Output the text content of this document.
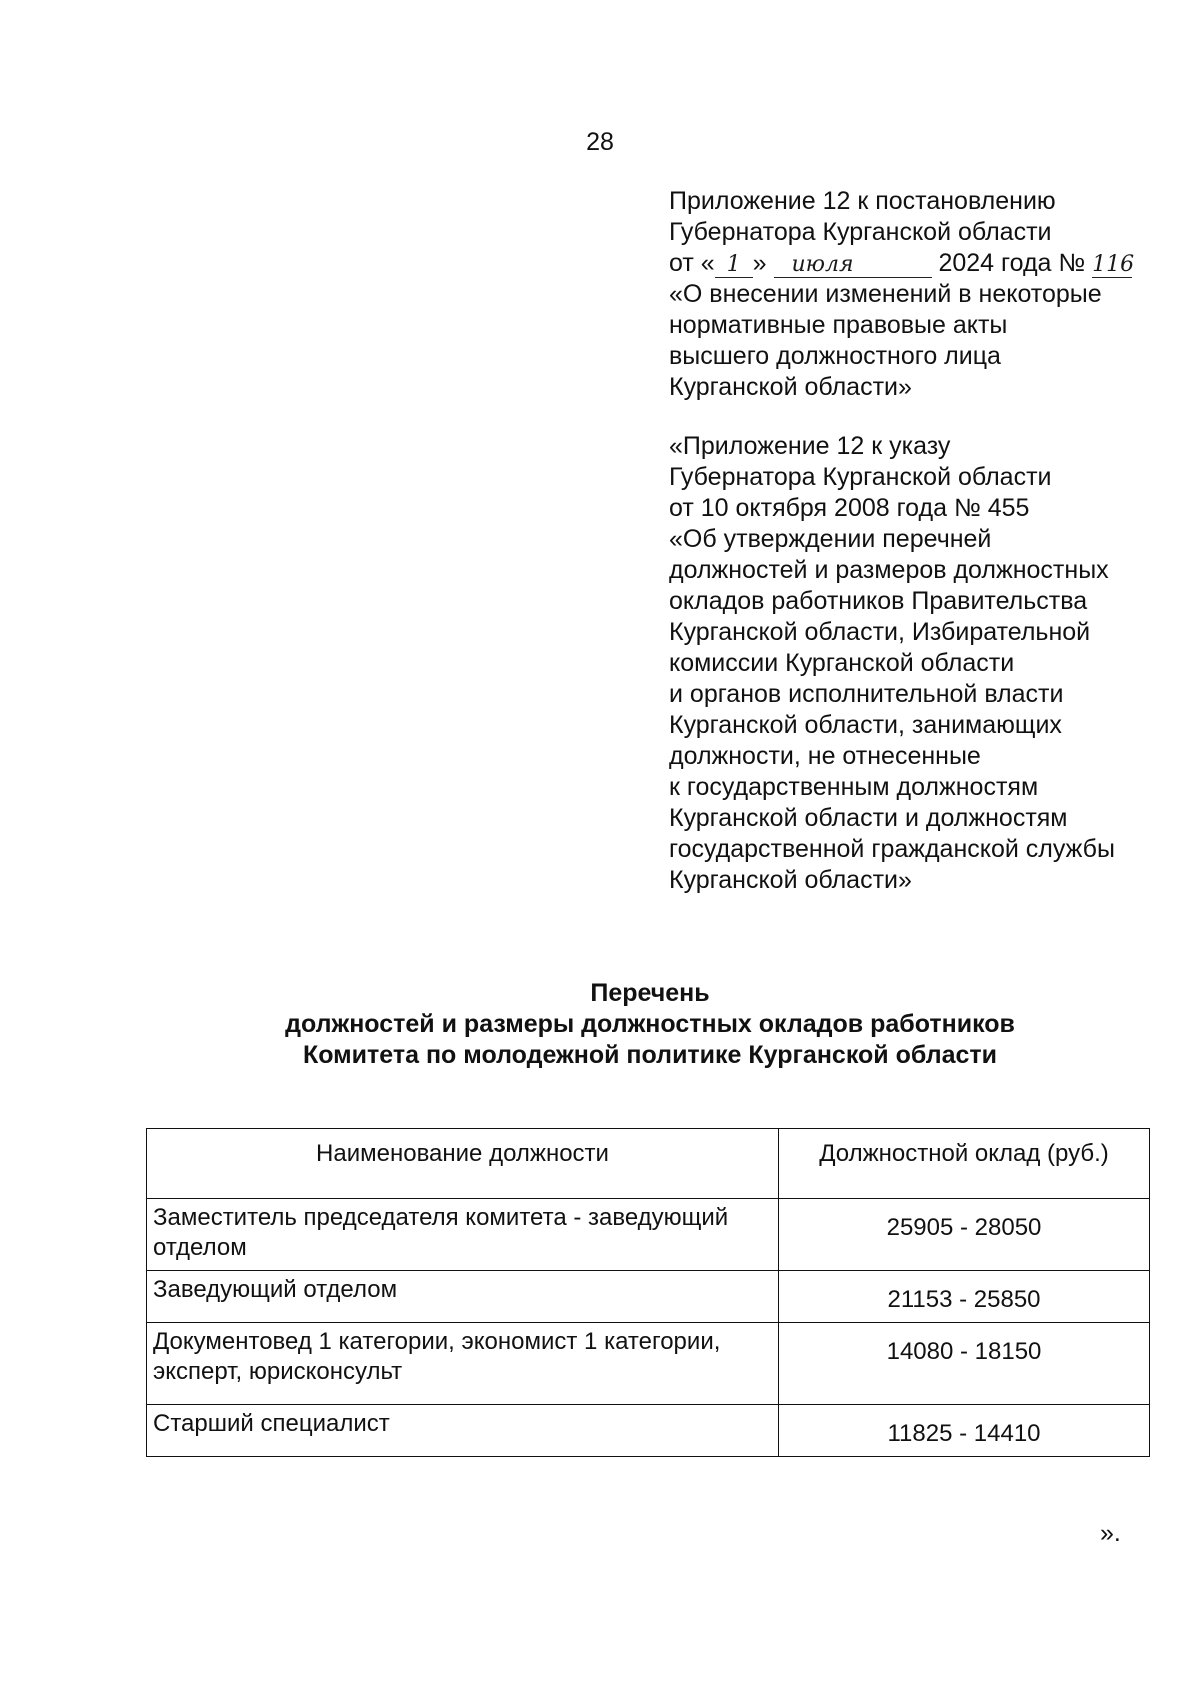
28
Приложение 12 к постановлению
Губернатора Курганской области
от « 1 » июля	2024 года № 116
«О внесении изменений в некоторые
нормативные правовые акты
высшего должностного лица
Курганской области»
«Приложение 12 к указу
Губернатора Курганской области
от 10 октября 2008 года № 455
«Об утверждении перечней
должностей и размеров должностных
окладов работников Правительства
Курганской области, Избирательной
комиссии Курганской области
и органов исполнительной власти
Курганской области, занимающих
должности, не отнесенные
к государственным должностям
Курганской области и должностям
государственной гражданской службы
Курганской области»
Перечень
должностей и размеры должностных окладов работников
Комитета по молодежной политике Курганской области
Наименование должности	Должностной оклад (руб.)
Заместитель председателя комитета - заведующий отделом	25905 - 28050
Заведующий отделом	21153 - 25850
Документовед 1 категории, экономист 1 категории, эксперт, юрисконсульт	14080 - 18150
Старший специалист	11825 - 14410
».
